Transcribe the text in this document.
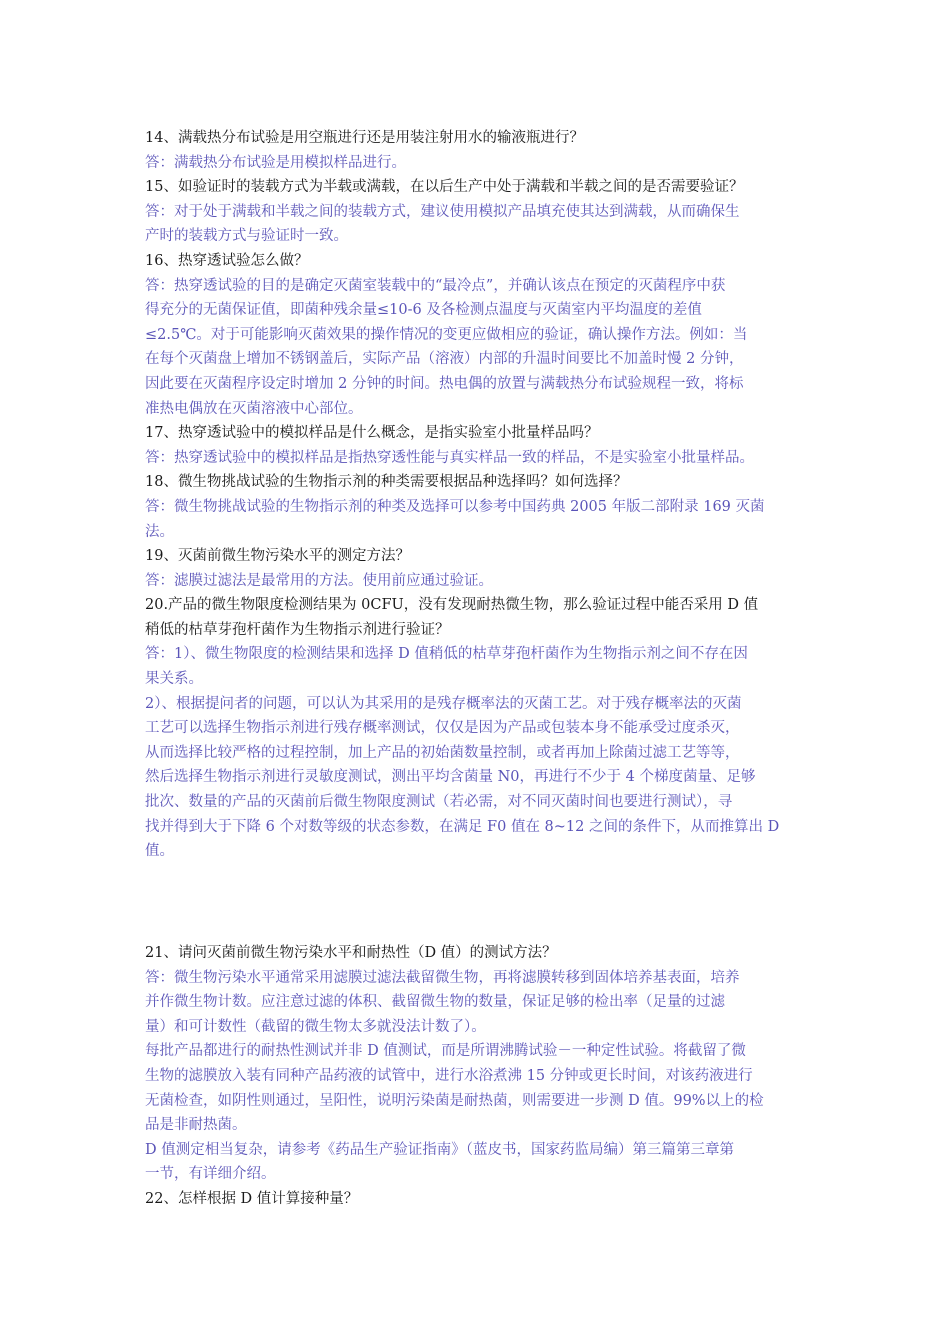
14、满载热分布试验是用空瓶进行还是用装注射用水的输液瓶进行？
答：满载热分布试验是用模拟样品进行。
15、如验证时的装载方式为半载或满载，在以后生产中处于满载和半载之间的是否需要验证？
答：对于处于满载和半载之间的装载方式，建议使用模拟产品填充使其达到满载，从而确保生
产时的装载方式与验证时一致。
16、热穿透试验怎么做？
答：热穿透试验的目的是确定灭菌室装载中的“最冷点”，并确认该点在预定的灭菌程序中获
得充分的无菌保证值，即菌种残余量≤10-6 及各检测点温度与灭菌室内平均温度的差值
≤2.5℃。对于可能影响灭菌效果的操作情况的变更应做相应的验证，确认操作方法。例如：当
在每个灭菌盘上增加不锈钢盖后，实际产品（溶液）内部的升温时间要比不加盖时慢 2 分钟，
因此要在灭菌程序设定时增加 2 分钟的时间。热电偶的放置与满载热分布试验规程一致，将标
准热电偶放在灭菌溶液中心部位。
17、热穿透试验中的模拟样品是什么概念，是指实验室小批量样品吗？
答：热穿透试验中的模拟样品是指热穿透性能与真实样品一致的样品，不是实验室小批量样品。
18、微生物挑战试验的生物指示剂的种类需要根据品种选择吗？如何选择？
答：微生物挑战试验的生物指示剂的种类及选择可以参考中国药典 2005 年版二部附录 169 灭菌
法。
19、灭菌前微生物污染水平的测定方法？
答：滤膜过滤法是最常用的方法。使用前应通过验证。
20.产品的微生物限度检测结果为 0CFU，没有发现耐热微生物，那么验证过程中能否采用 D 值
稍低的枯草芽孢杆菌作为生物指示剂进行验证？
答：1）、微生物限度的检测结果和选择 D 值稍低的枯草芽孢杆菌作为生物指示剂之间不存在因
果关系。
2）、根据提问者的问题，可以认为其采用的是残存概率法的灭菌工艺。对于残存概率法的灭菌
工艺可以选择生物指示剂进行残存概率测试，仅仅是因为产品或包装本身不能承受过度杀灭，
从而选择比较严格的过程控制，加上产品的初始菌数量控制，或者再加上除菌过滤工艺等等，
然后选择生物指示剂进行灵敏度测试，测出平均含菌量 N0，再进行不少于 4 个梯度菌量、足够
批次、数量的产品的灭菌前后微生物限度测试（若必需，对不同灭菌时间也要进行测试），寻
找并得到大于下降 6 个对数等级的状态参数，在满足 F0 值在 8~12 之间的条件下，从而推算出 D
值。
21、请问灭菌前微生物污染水平和耐热性（D 值）的测试方法？
答：微生物污染水平通常采用滤膜过滤法截留微生物，再将滤膜转移到固体培养基表面，培养
并作微生物计数。应注意过滤的体积、截留微生物的数量，保证足够的检出率（足量的过滤
量）和可计数性（截留的微生物太多就没法计数了）。
每批产品都进行的耐热性测试并非 D 值测试，而是所谓沸腾试验－一种定性试验。将截留了微
生物的滤膜放入装有同种产品药液的试管中，进行水浴煮沸 15 分钟或更长时间，对该药液进行
无菌检查，如阴性则通过，呈阳性，说明污染菌是耐热菌，则需要进一步测 D 值。99%以上的检
品是非耐热菌。
D 值测定相当复杂，请参考《药品生产验证指南》（蓝皮书，国家药监局编）第三篇第三章第
一节，有详细介绍。
22、怎样根据 D 值计算接种量？
